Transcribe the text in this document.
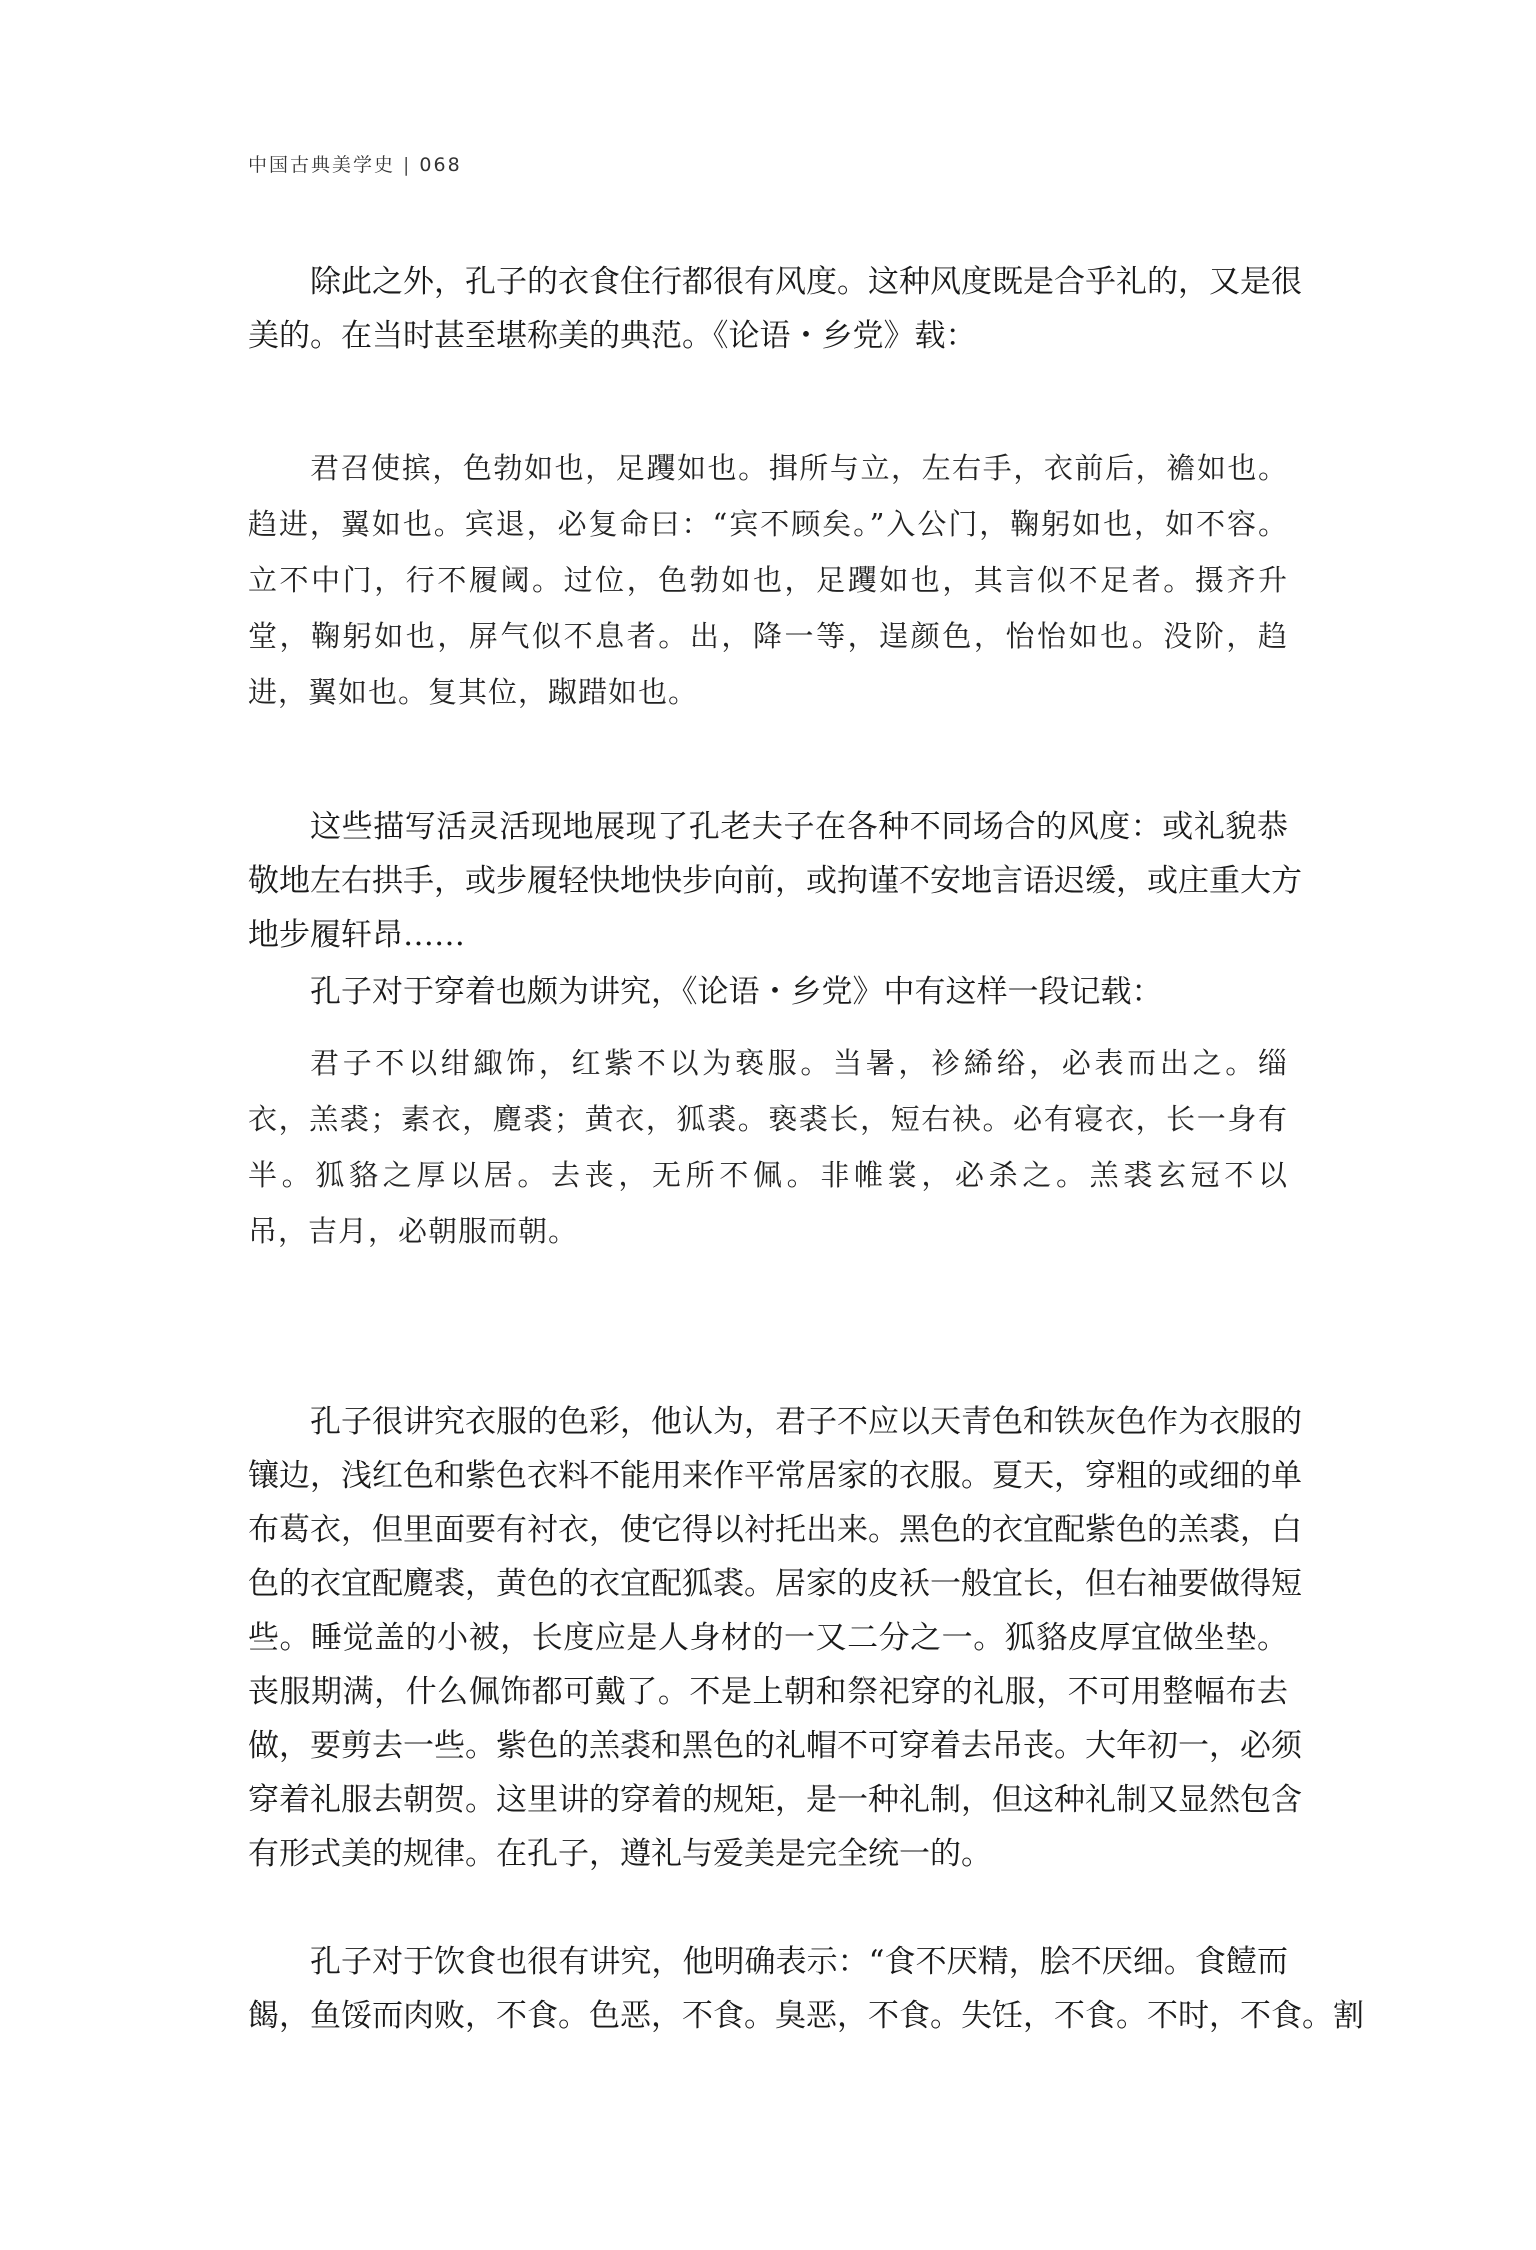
中国古典美学史 | 068
除此之外，孔子的衣食住行都很有风度。这种风度既是合乎礼的，又是很
美的。在当时甚至堪称美的典范。《论语・乡党》载：
君召使摈，色勃如也，足躩如也。揖所与立，左右手，衣前后，襜如也。
趋进，翼如也。宾退，必复命曰：“宾不顾矣。”入公门，鞠躬如也，如不容。
立不中门，行不履阈。过位，色勃如也，足躩如也，其言似不足者。摄齐升
堂，鞠躬如也，屏气似不息者。出，降一等，逞颜色，怡怡如也。没阶，趋
进，翼如也。复其位，踧踖如也。
这些描写活灵活现地展现了孔老夫子在各种不同场合的风度：或礼貌恭
敬地左右拱手，或步履轻快地快步向前，或拘谨不安地言语迟缓，或庄重大方
地步履轩昂……
孔子对于穿着也颇为讲究，《论语・乡党》中有这样一段记载：
君子不以绀緅饰，红紫不以为亵服。当暑，袗絺绤，必表而出之。缁
衣，羔裘；素衣，麑裘；黄衣，狐裘。亵裘长，短右袂。必有寝衣，长一身有
半。狐貉之厚以居。去丧，无所不佩。非帷裳，必杀之。羔裘玄冠不以
吊，吉月，必朝服而朝。
孔子很讲究衣服的色彩，他认为，君子不应以天青色和铁灰色作为衣服的
镶边，浅红色和紫色衣料不能用来作平常居家的衣服。夏天，穿粗的或细的单
布葛衣，但里面要有衬衣，使它得以衬托出来。黑色的衣宜配紫色的羔裘，白
色的衣宜配麑裘，黄色的衣宜配狐裘。居家的皮袄一般宜长，但右袖要做得短
些。睡觉盖的小被，长度应是人身材的一又二分之一。狐貉皮厚宜做坐垫。
丧服期满，什么佩饰都可戴了。不是上朝和祭祀穿的礼服，不可用整幅布去
做，要剪去一些。紫色的羔裘和黑色的礼帽不可穿着去吊丧。大年初一，必须
穿着礼服去朝贺。这里讲的穿着的规矩，是一种礼制，但这种礼制又显然包含
有形式美的规律。在孔子，遵礼与爱美是完全统一的。
孔子对于饮食也很有讲究，他明确表示：“食不厌精，脍不厌细。食饐而
餲，鱼馁而肉败，不食。色恶，不食。臭恶，不食。失饪，不食。不时，不食。割
